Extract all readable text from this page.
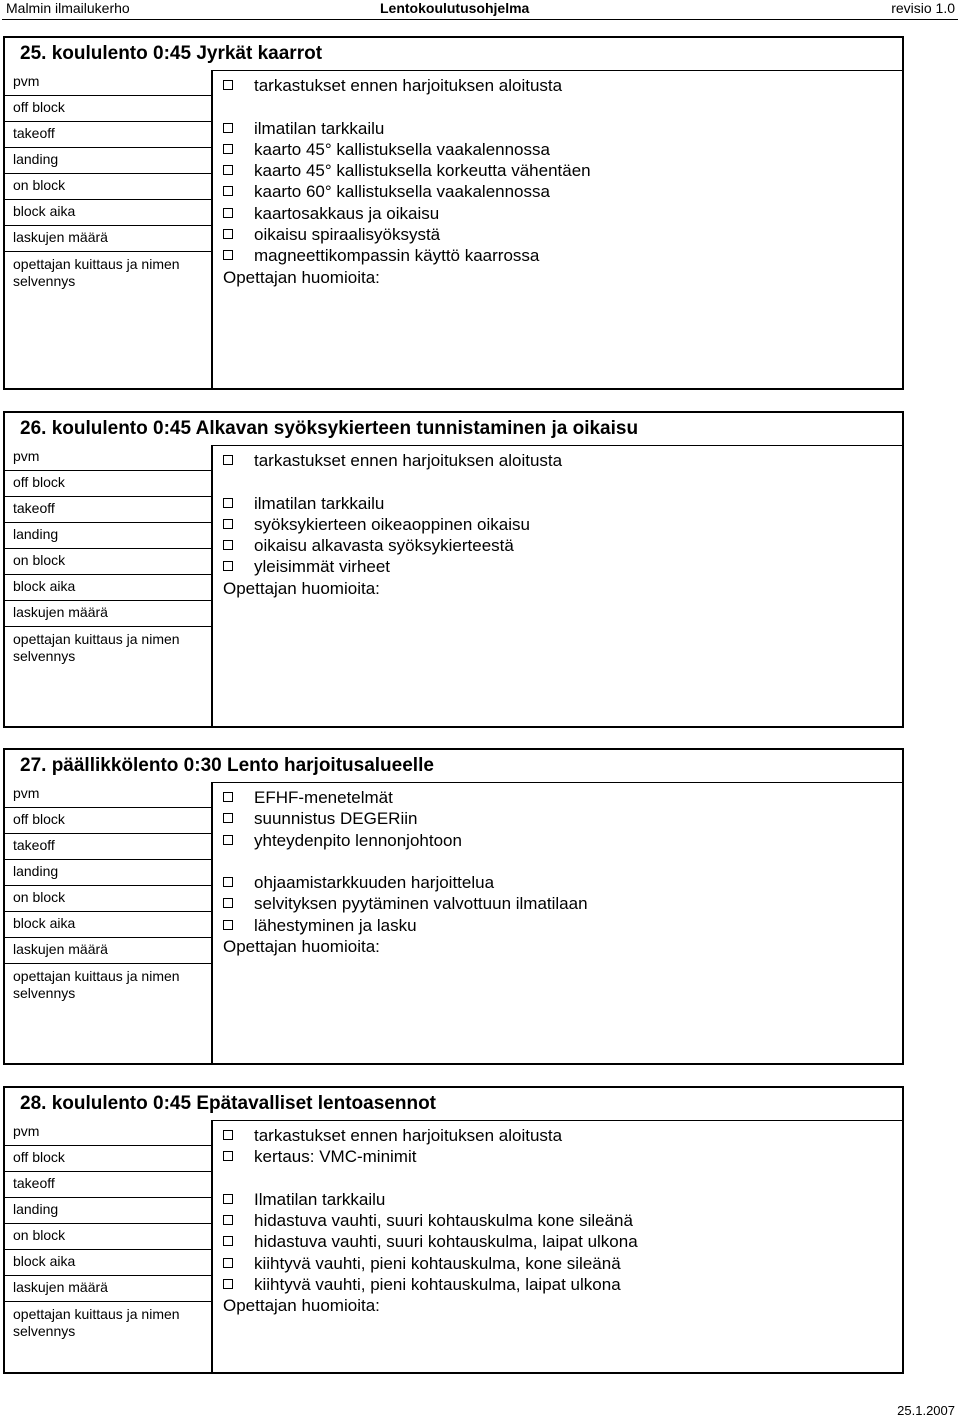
Malmin ilmailukerho	Lentokoulutusohjelma	revisio 1.0
25. koululento 0:45 Jyrkät kaarrot
pvm
off block
takeoff
landing
on block
block aika
laskujen määrä
opettajan kuittaus ja nimen selvennys
tarkastukset ennen harjoituksen aloitusta
ilmatilan tarkkailu
kaarto 45° kallistuksella vaakalennossa
kaarto 45° kallistuksella korkeutta vähentäen
kaarto 60° kallistuksella vaakalennossa
kaartosakkaus ja oikaisu
oikaisu spiraalisyöksystä
magneettikompassin käyttö kaarrossa
Opettajan huomioita:
26. koululento 0:45 Alkavan syöksykierteen tunnistaminen ja oikaisu
pvm
off block
takeoff
landing
on block
block aika
laskujen määrä
opettajan kuittaus ja nimen selvennys
tarkastukset ennen harjoituksen aloitusta
ilmatilan tarkkailu
syöksykierteen oikeaoppinen oikaisu
oikaisu alkavasta syöksykierteestä
yleisimmät virheet
Opettajan huomioita:
27. päällikkölento 0:30 Lento harjoitusalueelle
pvm
off block
takeoff
landing
on block
block aika
laskujen määrä
opettajan kuittaus ja nimen selvennys
EFHF-menetelmät
suunnistus DEGERiin
yhteydenpito lennonjohtoon
ohjaamistarkkuuden harjoittelua
selvityksen pyytäminen valvottuun ilmatilaan
lähestyminen ja lasku
Opettajan huomioita:
28. koululento 0:45 Epätavalliset lentoasennot
pvm
off block
takeoff
landing
on block
block aika
laskujen määrä
opettajan kuittaus ja nimen selvennys
tarkastukset ennen harjoituksen aloitusta
kertaus: VMC-minimit
Ilmatilan tarkkailu
hidastuva vauhti, suuri kohtauskulma kone sileänä
hidastuva vauhti, suuri kohtauskulma, laipat ulkona
kiihtyvä vauhti, pieni kohtauskulma, kone sileänä
kiihtyvä vauhti, pieni kohtauskulma, laipat ulkona
Opettajan huomioita:
25.1.2007
